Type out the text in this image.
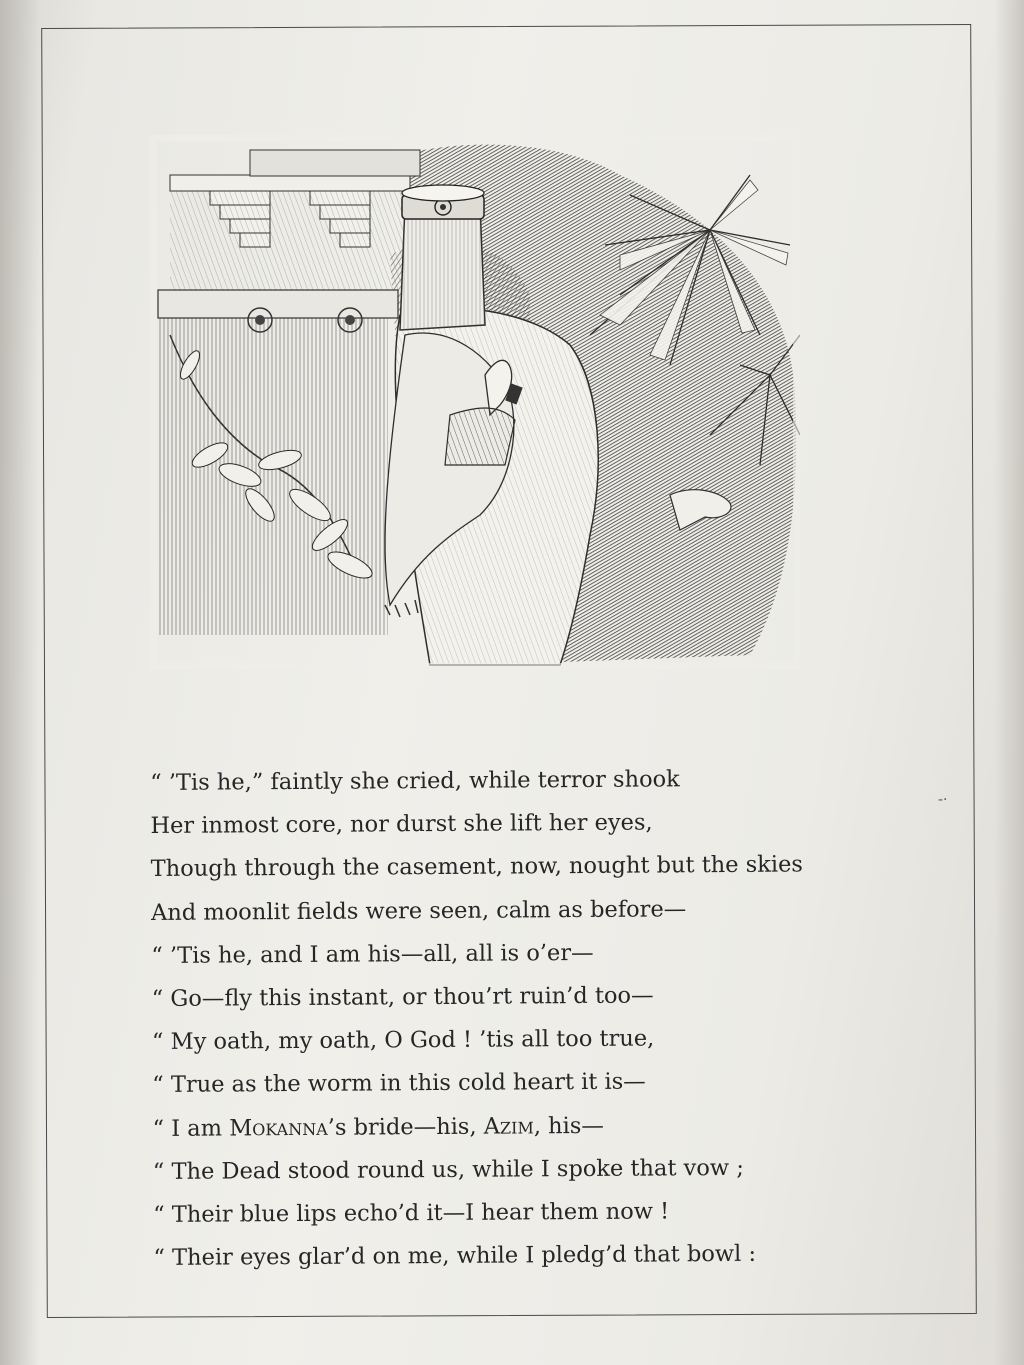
“ ’Tis he,” faintly she cried, while terror shook
Her inmost core, nor durst she lift her eyes,
Though through the casement, now, nought but the skies
And moonlit fields were seen, calm as before—
“ ’Tis he, and I am his—all, all is o’er—
“ Go—fly this instant, or thou’rt ruin’d too—
“ My oath, my oath, O God ! ’tis all too true,
“ True as the worm in this cold heart it is—
“ I am Mokanna’s bride—his, Azim, his—
“ The Dead stood round us, while I spoke that vow ;
“ Their blue lips echo’d it—I hear them now !
“ Their eyes glar’d on me, while I pledg’d that bowl :
-·
